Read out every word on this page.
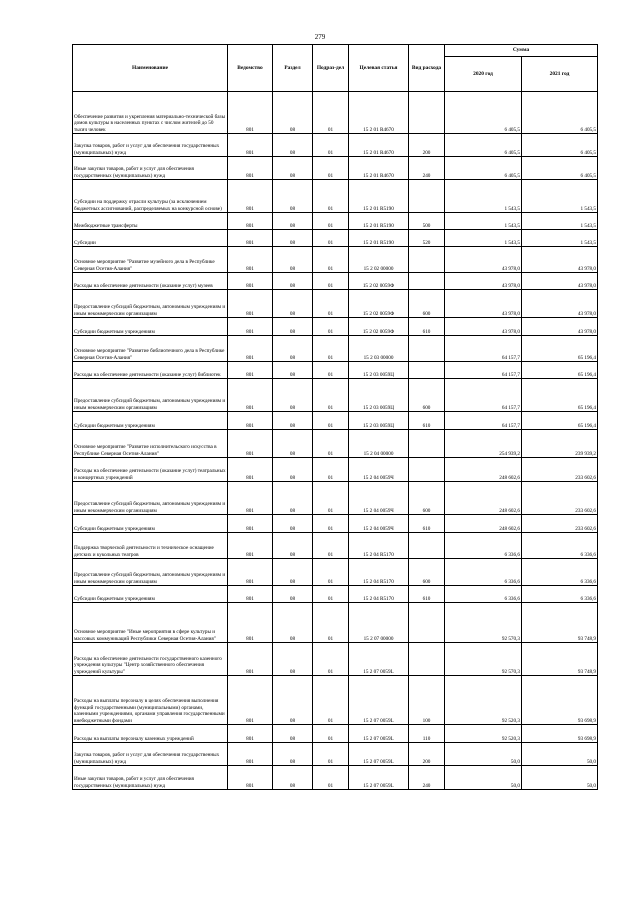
279
Наименование	Ведомство	Раздел	Подраз-дел	Целевая статья	Вид расхода	Сумма	
						2020 год	2021 год
Обеспечение развития и укрепления материально-технической базы домов культуры в населенных пунктах с числом жителей до 50 тысяч человек	801	08	01	15 2 01 R4670		6 405,5	6 405,5
Закупка товаров, работ и услуг для обеспечения государственных (муниципальных) нужд	801	08	01	15 2 01 R4670	200	6 405,5	6 405,5
Иные закупки товаров, работ и услуг для обеспечения государственных (муниципальных) нужд	801	08	01	15 2 01 R4670	240	6 405,5	6 405,5
Субсидии на поддержку отрасли культуры (за исключением бюджетных ассигнований, распределяемых на конкурсной основе)	801	08	01	15 2 01 R5190		1 543,5	1 543,5
Межбюджетные трансферты	801	08	01	15 2 01 R5190	500	1 543,5	1 543,5
Субсидии	801	08	01	15 2 01 R5190	520	1 543,5	1 543,5
Основное мероприятие "Развитие музейного дела в Республике Северная Осетия-Алания"	801	08	01	15 2 02 00000		43 978,0	43 978,0
Расходы на обеспечение деятельности (оказание услуг) музеев	801	08	01	15 2 02 0059Ф		43 978,0	43 978,0
Предоставление субсидий бюджетным, автономным учреждениям и иным некоммерческим организациям	801	08	01	15 2 02 0059Ф	600	43 978,0	43 978,0
Субсидии бюджетным учреждениям	801	08	01	15 2 02 0059Ф	610	43 978,0	43 978,0
Основное мероприятие "Развитие библиотечного дела в Республике Северная Осетия-Алания"	801	08	01	15 2 03 00000		64 157,7	65 196,4
Расходы на обеспечение деятельности (оказание услуг) библиотек	801	08	01	15 2 03 0059Ц		64 157,7	65 196,4
Предоставление субсидий бюджетным, автономным учреждениям и иным некоммерческим организациям	801	08	01	15 2 03 0059Ц	600	64 157,7	65 196,4
Субсидии бюджетным учреждениям	801	08	01	15 2 03 0059Ц	610	64 157,7	65 196,4
Основное мероприятие "Развитие исполнительского искусства в Республике Северная Осетия-Алания"	801	08	01	15 2 04 00000		254 939,2	239 939,2
Расходы на обеспечение деятельности (оказание услуг) театральных и концертных учреждений	801	08	01	15 2 04 0059Ч		248 602,6	233 602,6
Предоставление субсидий бюджетным, автономным учреждениям и иным некоммерческим организациям	801	08	01	15 2 04 0059Ч	600	248 602,6	233 602,6
Субсидии бюджетным учреждениям	801	08	01	15 2 04 0059Ч	610	248 602,6	233 602,6
Поддержка творческой деятельности и техническое оснащение детских и кукольных театров	801	08	01	15 2 04 R5170		6 336,6	6 336,6
Предоставление субсидий бюджетным, автономным учреждениям и иным некоммерческим организациям	801	08	01	15 2 04 R5170	600	6 336,6	6 336,6
Субсидии бюджетным учреждениям	801	08	01	15 2 04 R5170	610	6 336,6	6 336,6
Основное мероприятие "Иные мероприятия в сфере культуры и массовых коммуникаций Республики Северная Осетия-Алания"	801	08	01	15 2 07 00000		92 570,3	93 748,9
Расходы на обеспечение деятельности государственного казенного учреждения культуры "Центр хозяйственного обеспечения учреждений культуры"	801	08	01	15 2 07 0059L		92 570,3	93 748,9
Расходы на выплаты персоналу в целях обеспечения выполнения функций государственными (муниципальными) органами, казенными учреждениями, органами управления государственными внебюджетными фондами	801	08	01	15 2 07 0059L	100	92 520,3	93 698,9
Расходы на выплаты персоналу казенных учреждений	801	08	01	15 2 07 0059L	110	92 520,3	93 698,9
Закупка товаров, работ и услуг для обеспечения государственных (муниципальных) нужд	801	08	01	15 2 07 0059L	200	50,0	50,0
Иные закупки товаров, работ и услуг для обеспечения государственных (муниципальных) нужд	801	08	01	15 2 07 0059L	240	50,0	50,0
